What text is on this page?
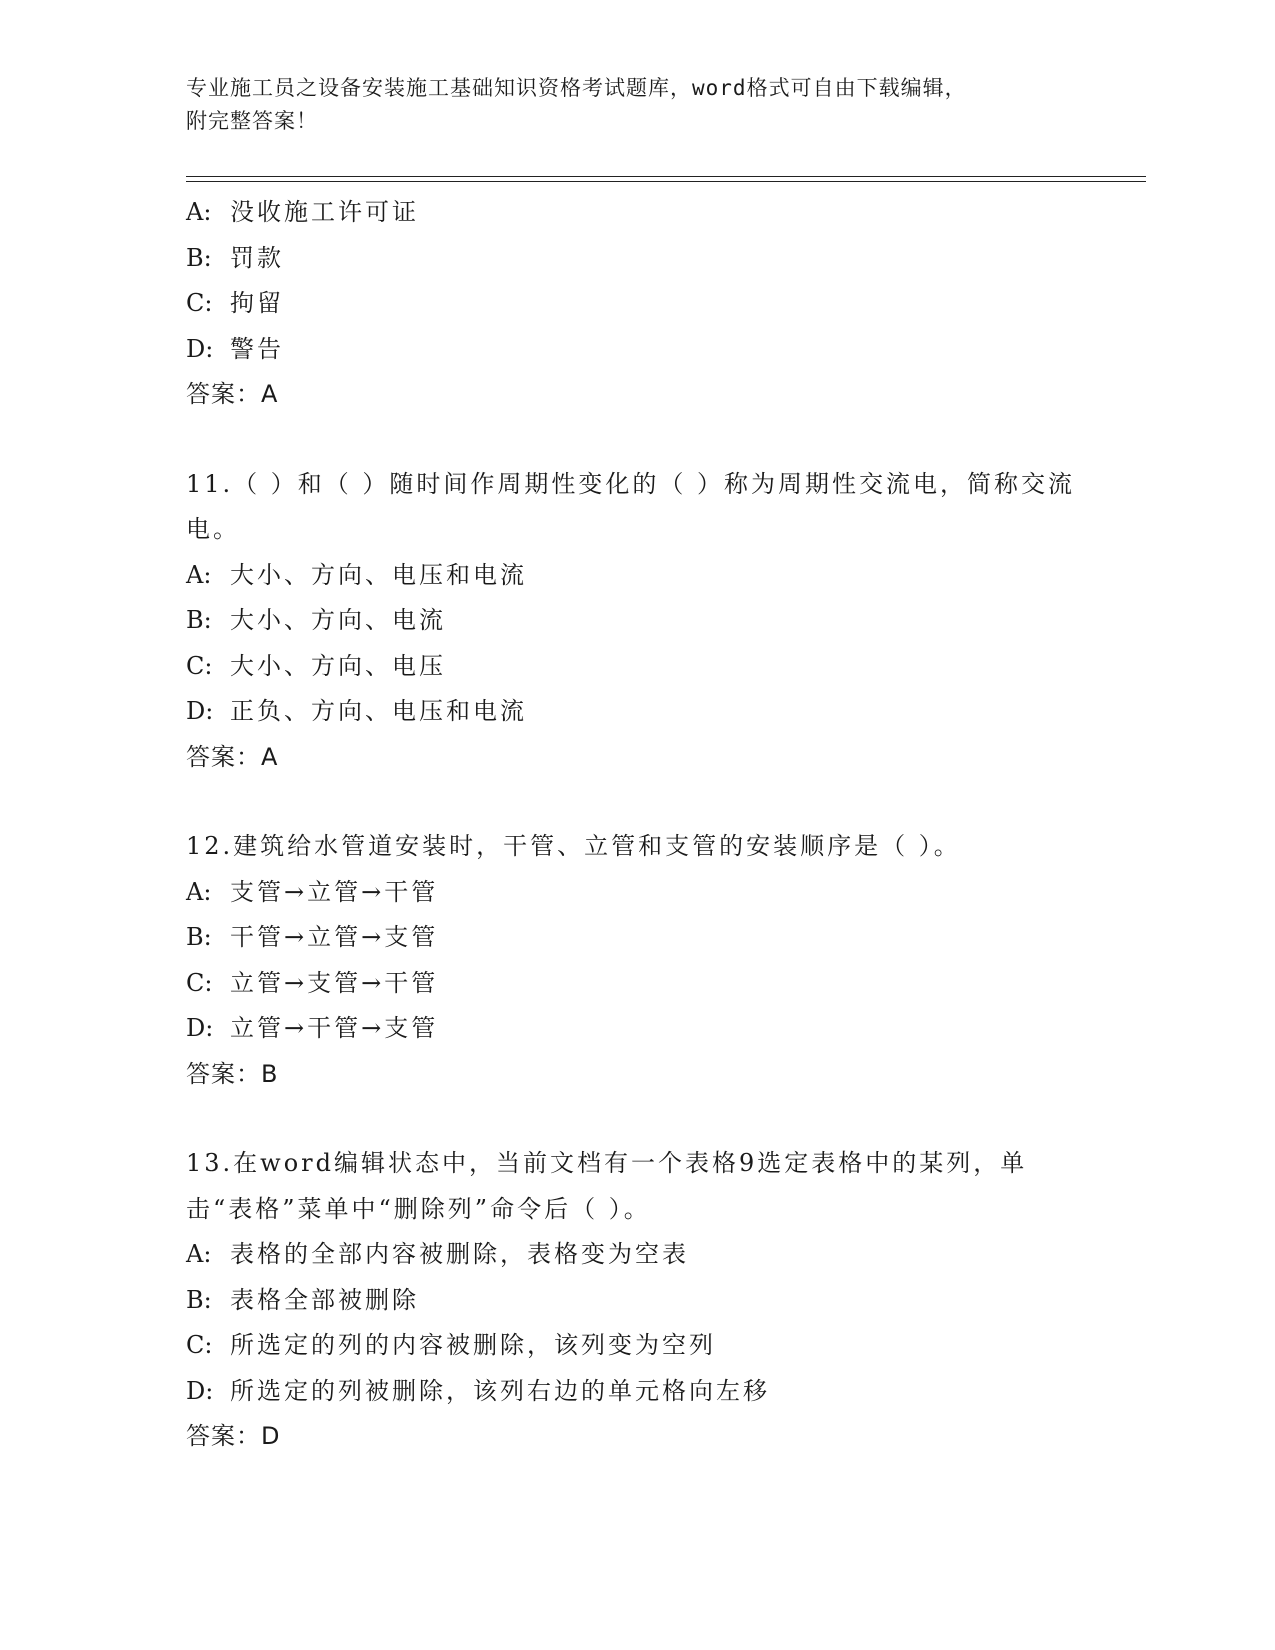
专业施工员之设备安装施工基础知识资格考试题库，word格式可自由下载编辑，
附完整答案！
A: 没收施工许可证
B: 罚款
C: 拘留
D: 警告
答案：A
11.（ ）和（ ）随时间作周期性变化的（ ）称为周期性交流电，简称交流电。
A: 大小、方向、电压和电流
B: 大小、方向、电流
C: 大小、方向、电压
D: 正负、方向、电压和电流
答案：A
12.建筑给水管道安装时，干管、立管和支管的安装顺序是（ ）。
A: 支管→立管→干管
B: 干管→立管→支管
C: 立管→支管→干管
D: 立管→干管→支管
答案：B
13.在word编辑状态中，当前文档有一个表格9选定表格中的某列，单击“表格”菜单中“删除列”命令后（ ）。
A: 表格的全部内容被删除，表格变为空表
B: 表格全部被删除
C: 所选定的列的内容被删除，该列变为空列
D: 所选定的列被删除，该列右边的单元格向左移
答案：D
